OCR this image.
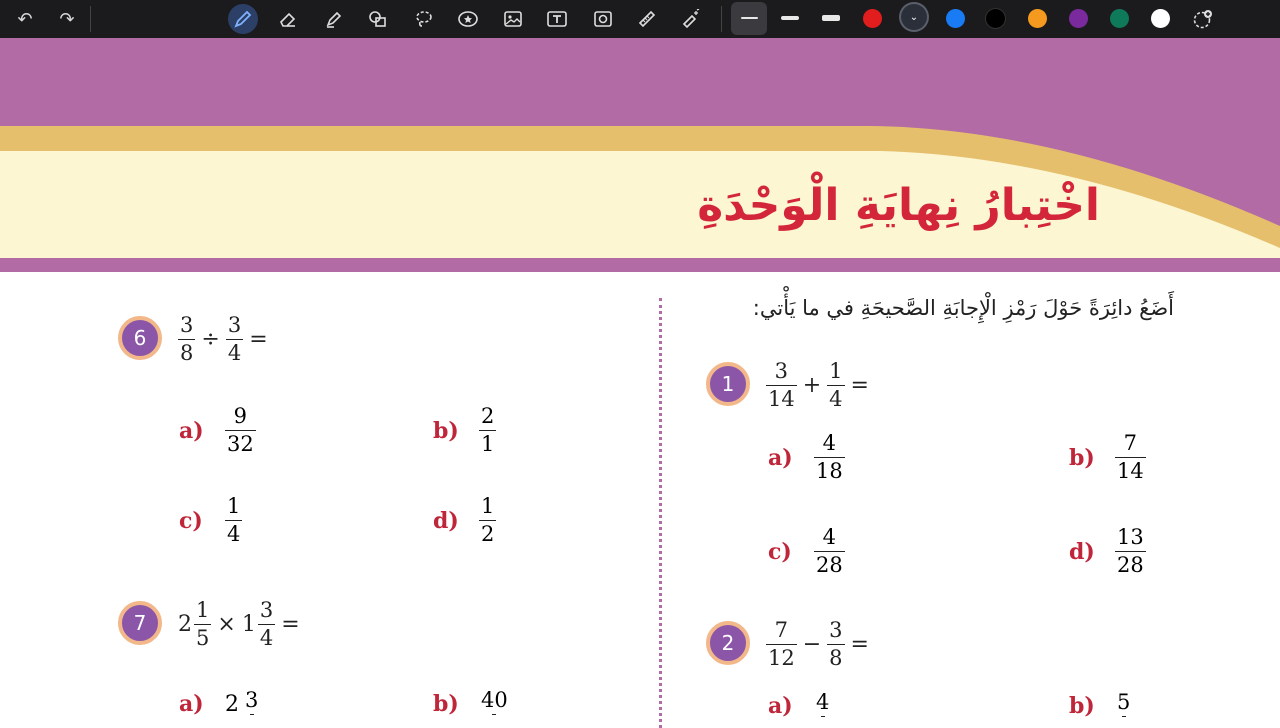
↶	↷	⌄
اخْتِبارُ نِهايَةِ الْوَحْدَةِ
أَضَعُ دائِرَةً حَوْلَ رَمْزِ الْإِجابَةِ الصَّحيحَةِ في ما يَأْتي:
1	$\frac{3}{14} + \frac{1}{4}$ =
a)	$\frac{4}{18}$	$b) \frac{7}{14}$
c)	$\frac{4}{28}$	$d) \frac{13}{28}$
2	$\frac{7}{12} - \frac{3}{8}$ =
a)	4	b)	5
6	$\frac{3}{8} \div \frac{3}{4}$ =
a)	$\frac{9}{32}$	$b) \frac{2}{1}$
c)	$\frac{1}{4}$	$d) \frac{1}{2}$
7	$2 \frac{1}{5} \times 1 \frac{3}{4}$ =
a) 2 3	b)	40
